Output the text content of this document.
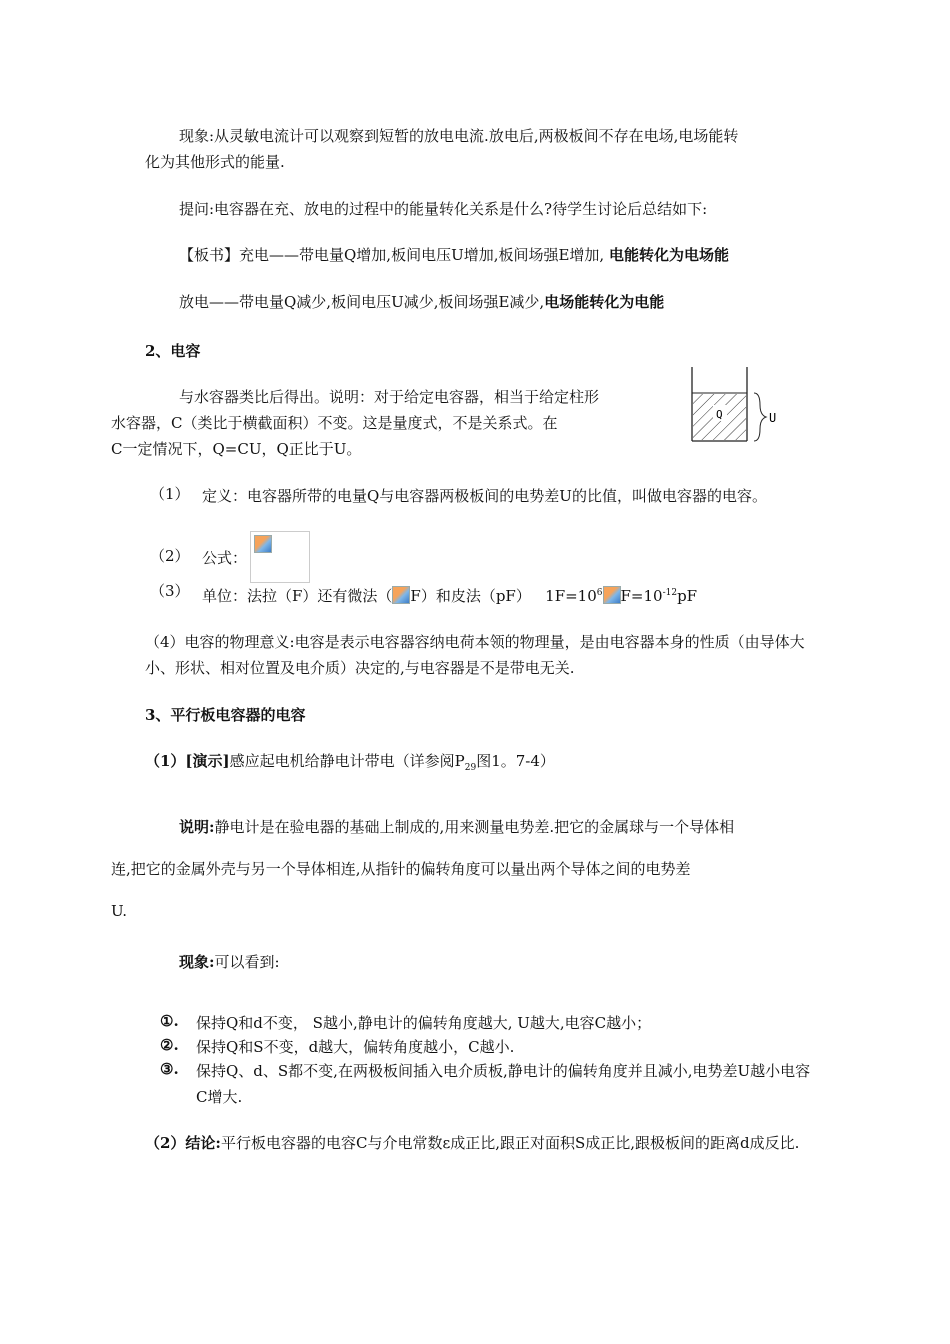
现象:从灵敏电流计可以观察到短暂的放电电流.放电后,两极板间不存在电场,电场能转
化为其他形式的能量.

提问:电容器在充、放电的过程中的能量转化关系是什么?待学生讨论后总结如下:

【板书】充电——带电量Q增加,板间电压U增加,板间场强E增加, 电能转化为电场能

放电——带电量Q减少,板间电压U减少,板间场强E减少,电场能转化为电能

2、电容

与水容器类比后得出。说明：对于给定电容器，相当于给定柱形
水容器，C（类比于横截面积）不变。这是量度式，不是关系式。在
C一定情况下，Q=CU，Q正比于U。

Q	U
（1） 定义：电容器所带的电量Q与电容器两极板间的电势差U的比值，叫做电容器的电容。
（2） 公式：
（3） 单位：法拉（F）还有微法（ F）和皮法（pF） $1F=10^6$ $F=10^{-12}pF$

（4）电容的物理意义:电容是表示电容器容纳电荷本领的物理量，是由电容器本身的性质（由导体大小、形状、相对位置及电介质）决定的,与电容器是不是带电无关.

3、平行板电容器的电容

（1）[演示]感应起电机给静电计带电（详参阅$P_{29}$图1。7-4）

说明:静电计是在验电器的基础上制成的,用来测量电势差.把它的金属球与一个导体相
连,把它的金属外壳与另一个导体相连,从指针的偏转角度可以量出两个导体之间的电势差
U.

现象:可以看到:

①. 保持Q和d不变， S越小,静电计的偏转角度越大, U越大,电容C越小；
②. 保持Q和S不变，d越大，偏转角度越小，C越小.
③. 保持Q、d、S都不变,在两极板间插入电介质板,静电计的偏转角度并且减小,电势差U越小电容C增大.

（2）结论:平行板电容器的电容C与介电常数ε成正比,跟正对面积S成正比,跟极板间的距离d成反比.
